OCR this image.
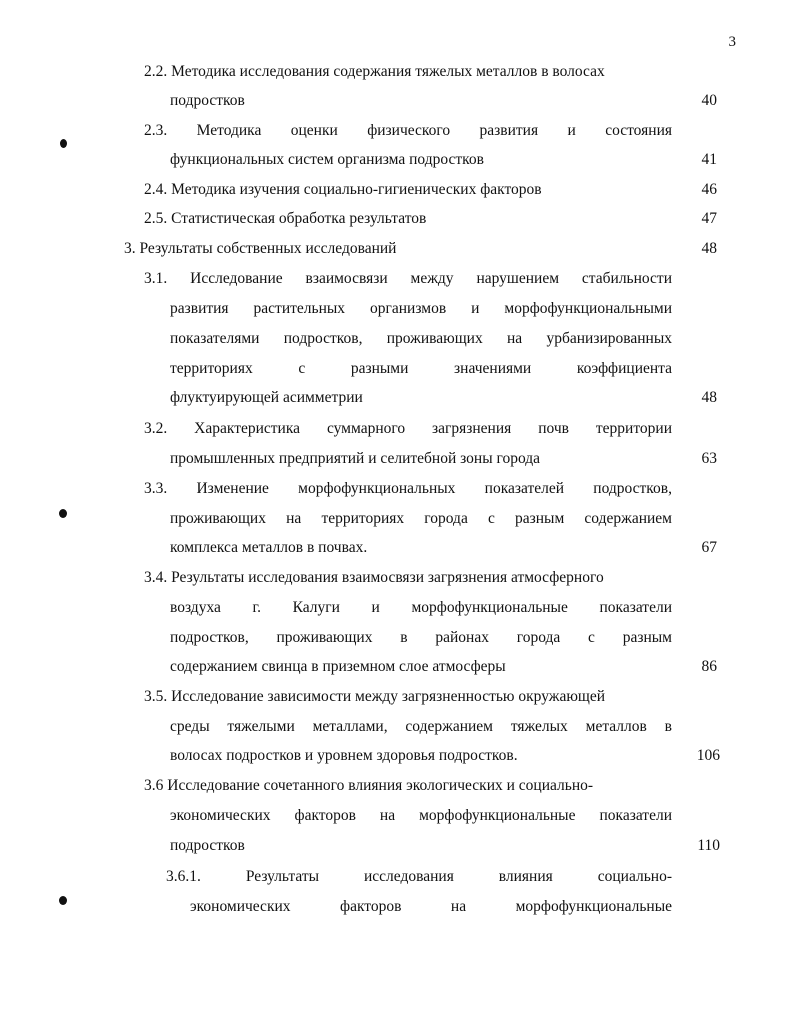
3
2.2. Методика исследования содержания тяжелых металлов в волосах
подростков	40
2.3. Методика оценки физического развития и состояния
функциональных систем организма подростков	41
2.4. Методика изучения социально-гигиенических факторов	46
2.5. Статистическая обработка результатов	47
3. Результаты собственных исследований	48
3.1. Исследование взаимосвязи между нарушением стабильности
развития растительных организмов и морфофункциональными
показателями подростков, проживающих на урбанизированных
территориях с разными значениями коэффициента
флуктуирующей асимметрии	48
3.2. Характеристика суммарного загрязнения почв территории
промышленных предприятий и селитебной зоны города	63
3.3. Изменение морфофункциональных показателей подростков,
проживающих на территориях города с разным содержанием
комплекса металлов в почвах.	67
3.4. Результаты исследования взаимосвязи загрязнения атмосферного
воздуха г. Калуги и морфофункциональные показатели
подростков, проживающих в районах города с разным
содержанием свинца в приземном слое атмосферы	86
3.5. Исследование зависимости между загрязненностью окружающей
среды тяжелыми металлами, содержанием тяжелых металлов в
волосах подростков и уровнем здоровья подростков.	106
3.6 Исследование сочетанного влияния экологических и социально-
экономических факторов на морфофункциональные показатели
подростков	110
3.6.1. Результаты исследования влияния социально-
экономических факторов на морфофункциональные
